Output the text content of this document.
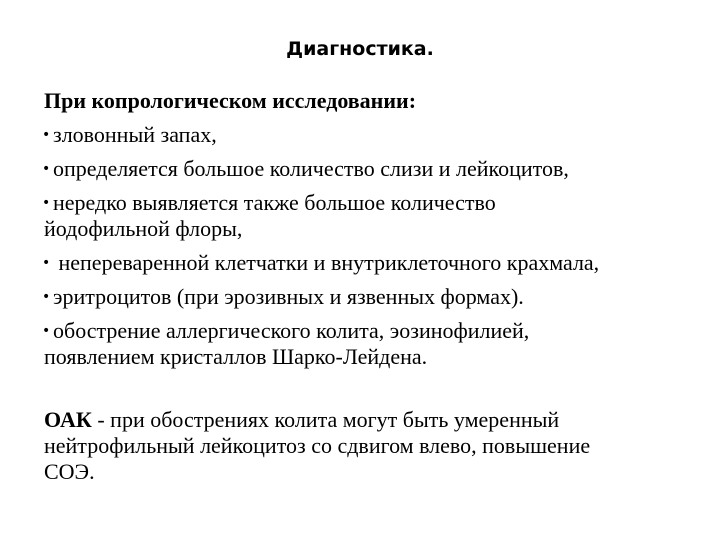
Диагностика.
При копрологическом исследовании:
• зловонный запах,
• определяется большое количество слизи и лейкоцитов,
• нередко выявляется также большое количество
йодофильной флоры,
• непереваренной клетчатки и внутриклеточного крахмала,
• эритроцитов (при эрозивных и язвенных формах).
• обострение аллергического колита, эозинофилией,
появлением кристаллов Шарко-Лейдена.
ОАК - при обострениях колита могут быть умеренный
нейтрофильный лейкоцитоз со сдвигом влево, повышение
СОЭ.
